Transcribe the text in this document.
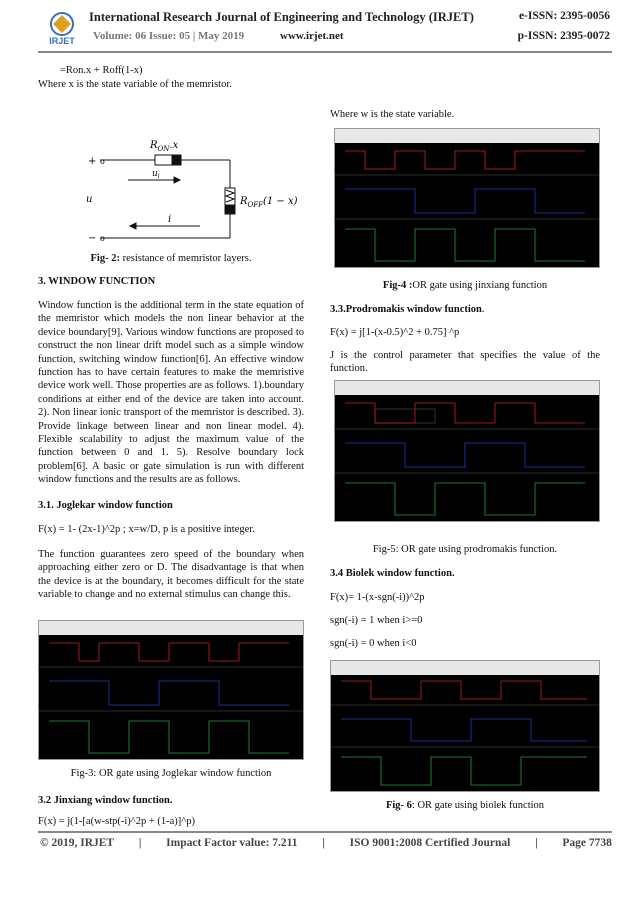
IRJET
International Research Journal of Engineering and Technology (IRJET)	e-ISSN: 2395-0056
Volume: 06 Issue: 05 | May 2019	www.irjet.net	p-ISSN: 2395-0072

=Ron.x + Roff(1-x)

Where x is the state variable of the memristor.

+ o
− o
u
$R_{ON}.x$
$u_i$
$R_{OFF}(1 - x)$
i

Fig- 2: resistance of memristor layers.

3. WINDOW FUNCTION

Window function is the additional term in the state equation of the memristor which models the non linear behavior at the device boundary[9]. Various window functions are proposed to construct the non linear drift model such as a simple window function, switching window function[6]. An effective window function has to have certain features to make the memristive device work well. Those properties are as follows. 1).boundary conditions at either end of the device are taken into account. 2). Non linear ionic transport of the memristor is described. 3). Provide linkage between linear and non linear model. 4). Flexible scalability to adjust the maximum value of the function between 0 and 1. 5). Resolve boundary lock problem[6]. A basic or gate simulation is run with different window functions and the results are as follows.

3.1. Joglekar window function

F(x) = 1- (2x-1)^2p ; x=w/D, p is a positive integer.

The function guarantees zero speed of the boundary when approaching either zero or D. The disadvantage is that when the device is at the boundary, it becomes difficult for the state variable to change and no external stimulus can change this.

Fig-3: OR gate using Joglekar window function

3.2 Jinxiang window function.

F(x) = j(1-[a(w-stp(-i)^2p + (1-a)]^p)

Where w is the state variable.

Fig-4 :OR gate using jinxiang function

3.3.Prodromakis window function.

F(x) = j[1-(x-0.5)^2 + 0.75] ^p

J is the control parameter that specifies the value of the function.

Fig-5: OR gate using prodromakis function.

3.4 Biolek window function.

F(x)= 1-(x-sgn(-i))^2p

sgn(-i) = 1 when i>=0

sgn(-i) = 0 when i<0

Fig- 6: OR gate using biolek function

© 2019, IRJET | Impact Factor value: 7.211 | ISO 9001:2008 Certified Journal | Page 7738
